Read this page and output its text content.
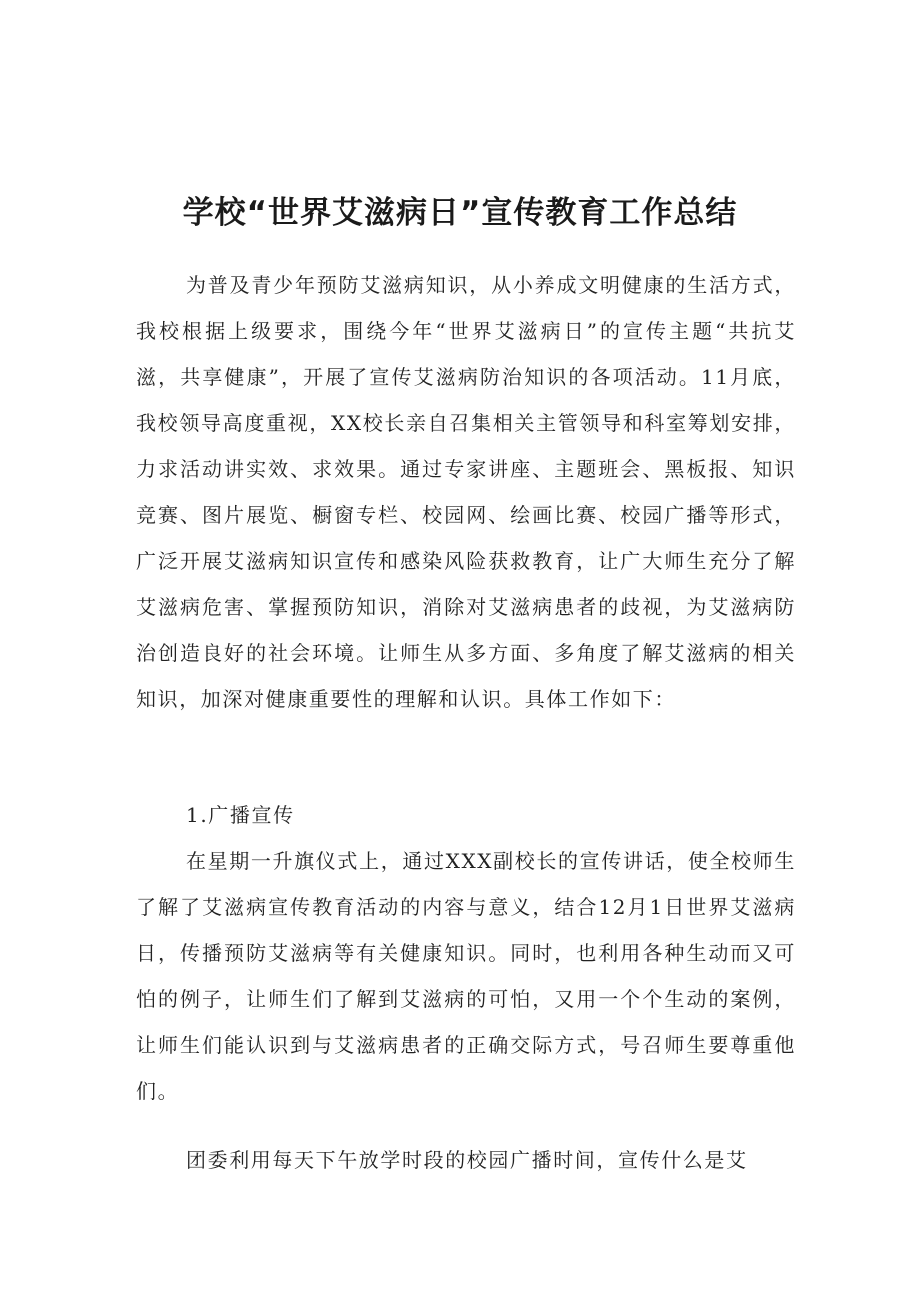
学校“世界艾滋病日”宣传教育工作总结

为普及青少年预防艾滋病知识，从小养成文明健康的生活方式，我校根据上级要求，围绕今年“世界艾滋病日”的宣传主题“共抗艾滋，共享健康”，开展了宣传艾滋病防治知识的各项活动。11月底，我校领导高度重视，XX校长亲自召集相关主管领导和科室筹划安排，力求活动讲实效、求效果。通过专家讲座、主题班会、黑板报、知识竞赛、图片展览、橱窗专栏、校园网、绘画比赛、校园广播等形式，广泛开展艾滋病知识宣传和感染风险获救教育，让广大师生充分了解艾滋病危害、掌握预防知识，消除对艾滋病患者的歧视，为艾滋病防治创造良好的社会环境。让师生从多方面、多角度了解艾滋病的相关知识，加深对健康重要性的理解和认识。具体工作如下：

1.广播宣传

在星期一升旗仪式上，通过XXX副校长的宣传讲话，使全校师生了解了艾滋病宣传教育活动的内容与意义，结合12月1日世界艾滋病日，传播预防艾滋病等有关健康知识。同时，也利用各种生动而又可怕的例子，让师生们了解到艾滋病的可怕，又用一个个生动的案例，让师生们能认识到与艾滋病患者的正确交际方式，号召师生要尊重他们。

团委利用每天下午放学时段的校园广播时间，宣传什么是艾
